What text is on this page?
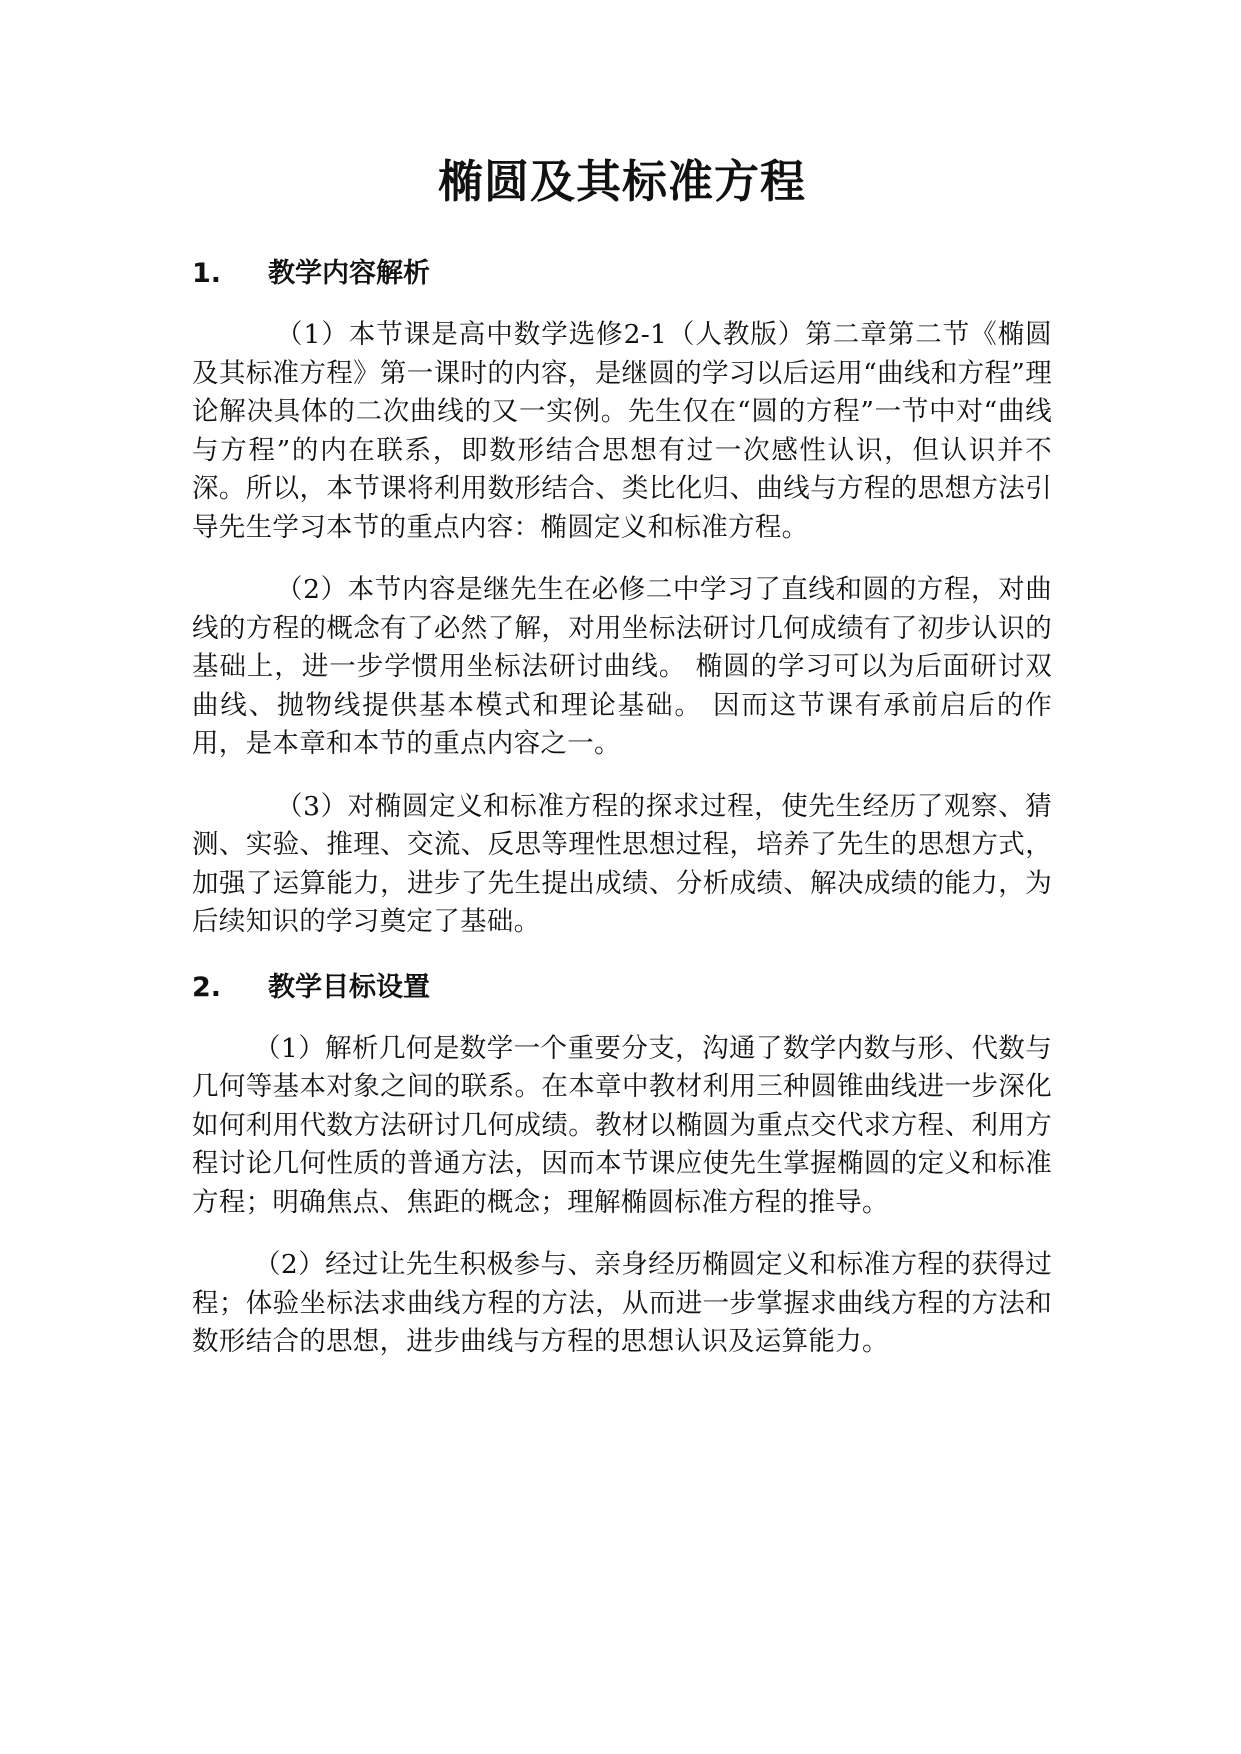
椭圆及其标准方程
1.	教学内容解析

（1）本节课是高中数学选修2-1（人教版）第二章第二节《椭圆及其标准方程》第一课时的内容，是继圆的学习以后运用“曲线和方程”理论解决具体的二次曲线的又一实例。先生仅在“圆的方程”一节中对“曲线与方程”的内在联系，即数形结合思想有过一次感性认识，但认识并不深。所以，本节课将利用数形结合、类比化归、曲线与方程的思想方法引导先生学习本节的重点内容：椭圆定义和标准方程。

（2）本节内容是继先生在必修二中学习了直线和圆的方程，对曲线的方程的概念有了必然了解，对用坐标法研讨几何成绩有了初步认识的基础上，进一步学惯用坐标法研讨曲线。 椭圆的学习可以为后面研讨双曲线、抛物线提供基本模式和理论基础。 因而这节课有承前启后的作用，是本章和本节的重点内容之一。

（3）对椭圆定义和标准方程的探求过程，使先生经历了观察、猜测、实验、推理、交流、反思等理性思想过程，培养了先生的思想方式，加强了运算能力，进步了先生提出成绩、分析成绩、解决成绩的能力，为后续知识的学习奠定了基础。

2.	教学目标设置

（1）解析几何是数学一个重要分支，沟通了数学内数与形、代数与几何等基本对象之间的联系。在本章中教材利用三种圆锥曲线进一步深化如何利用代数方法研讨几何成绩。教材以椭圆为重点交代求方程、利用方程讨论几何性质的普通方法，因而本节课应使先生掌握椭圆的定义和标准方程；明确焦点、焦距的概念；理解椭圆标准方程的推导。

（2）经过让先生积极参与、亲身经历椭圆定义和标准方程的获得过程；体验坐标法求曲线方程的方法，从而进一步掌握求曲线方程的方法和数形结合的思想，进步曲线与方程的思想认识及运算能力。
